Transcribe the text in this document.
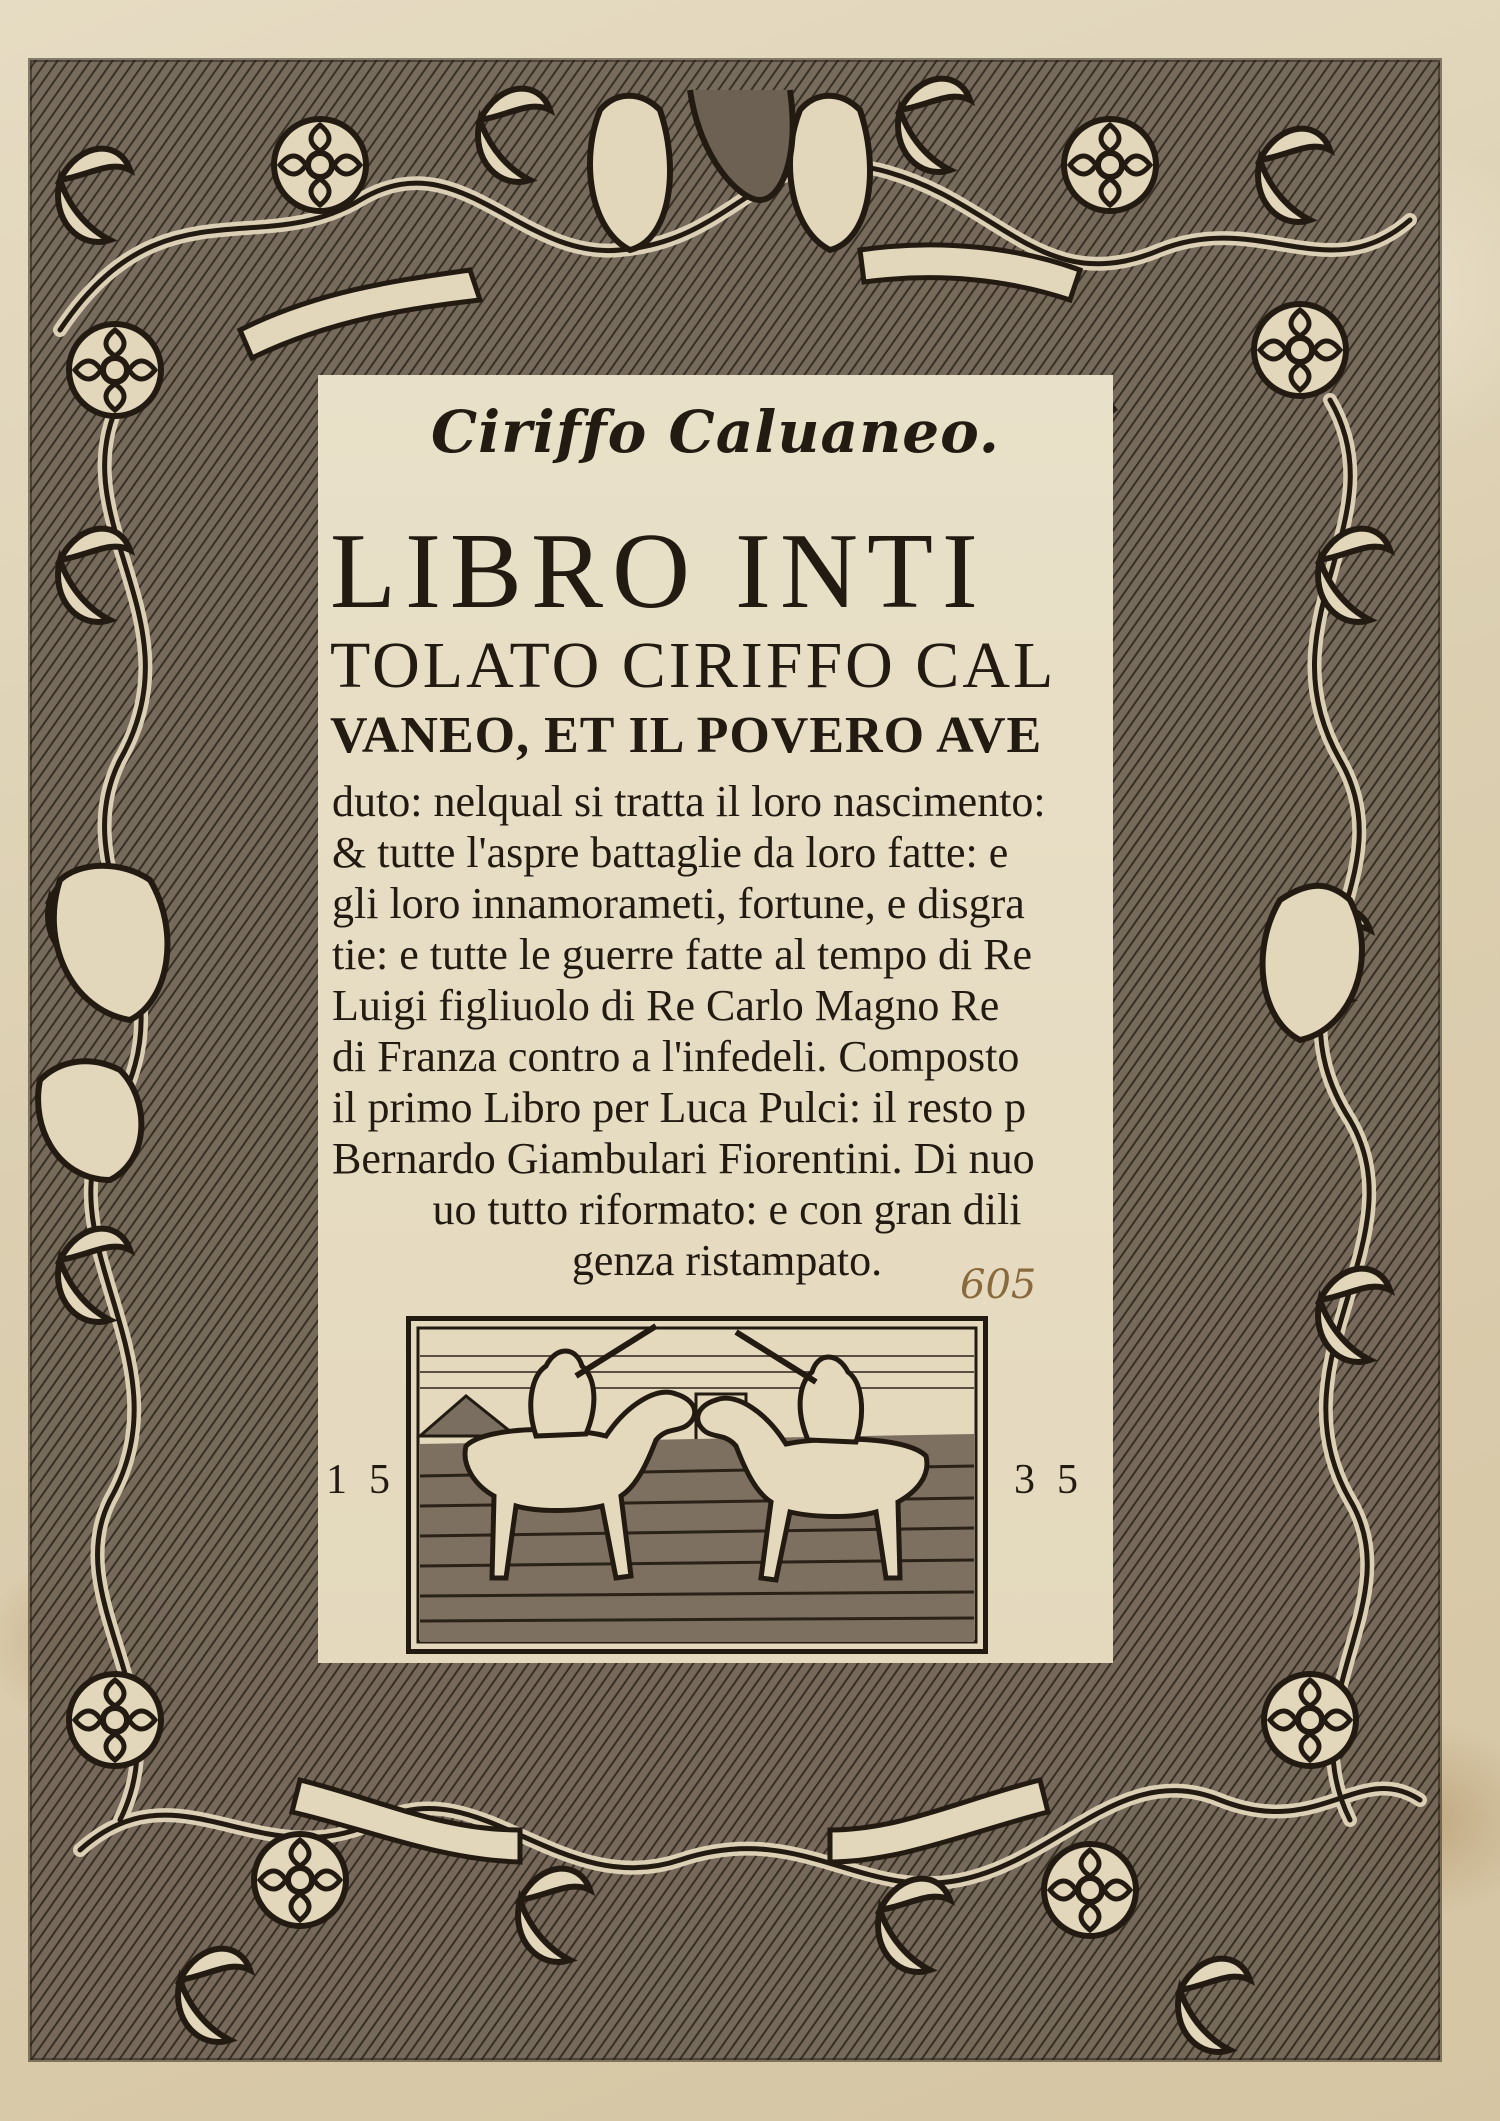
Ciriffo Caluaneo.
LIBRO INTI
TOLATO CIRIFFO CAL
VANEO, ET IL POVERO AVE
duto: nelqual si tratta il loro nascimento:
& tutte l'aspre battaglie da loro fatte: e
gli loro innamorameti, fortune, e disgra
tie: e tutte le guerre fatte al tempo di Re
Luigi figliuolo di Re Carlo Magno Re
di Franza contro a l'infedeli. Composto
il primo Libro per Luca Pulci: il resto p
Bernardo Giambulari Fiorentini. Di nuo
uo tutto riformato: e con gran dili
genza ristampato.	605
15	35
